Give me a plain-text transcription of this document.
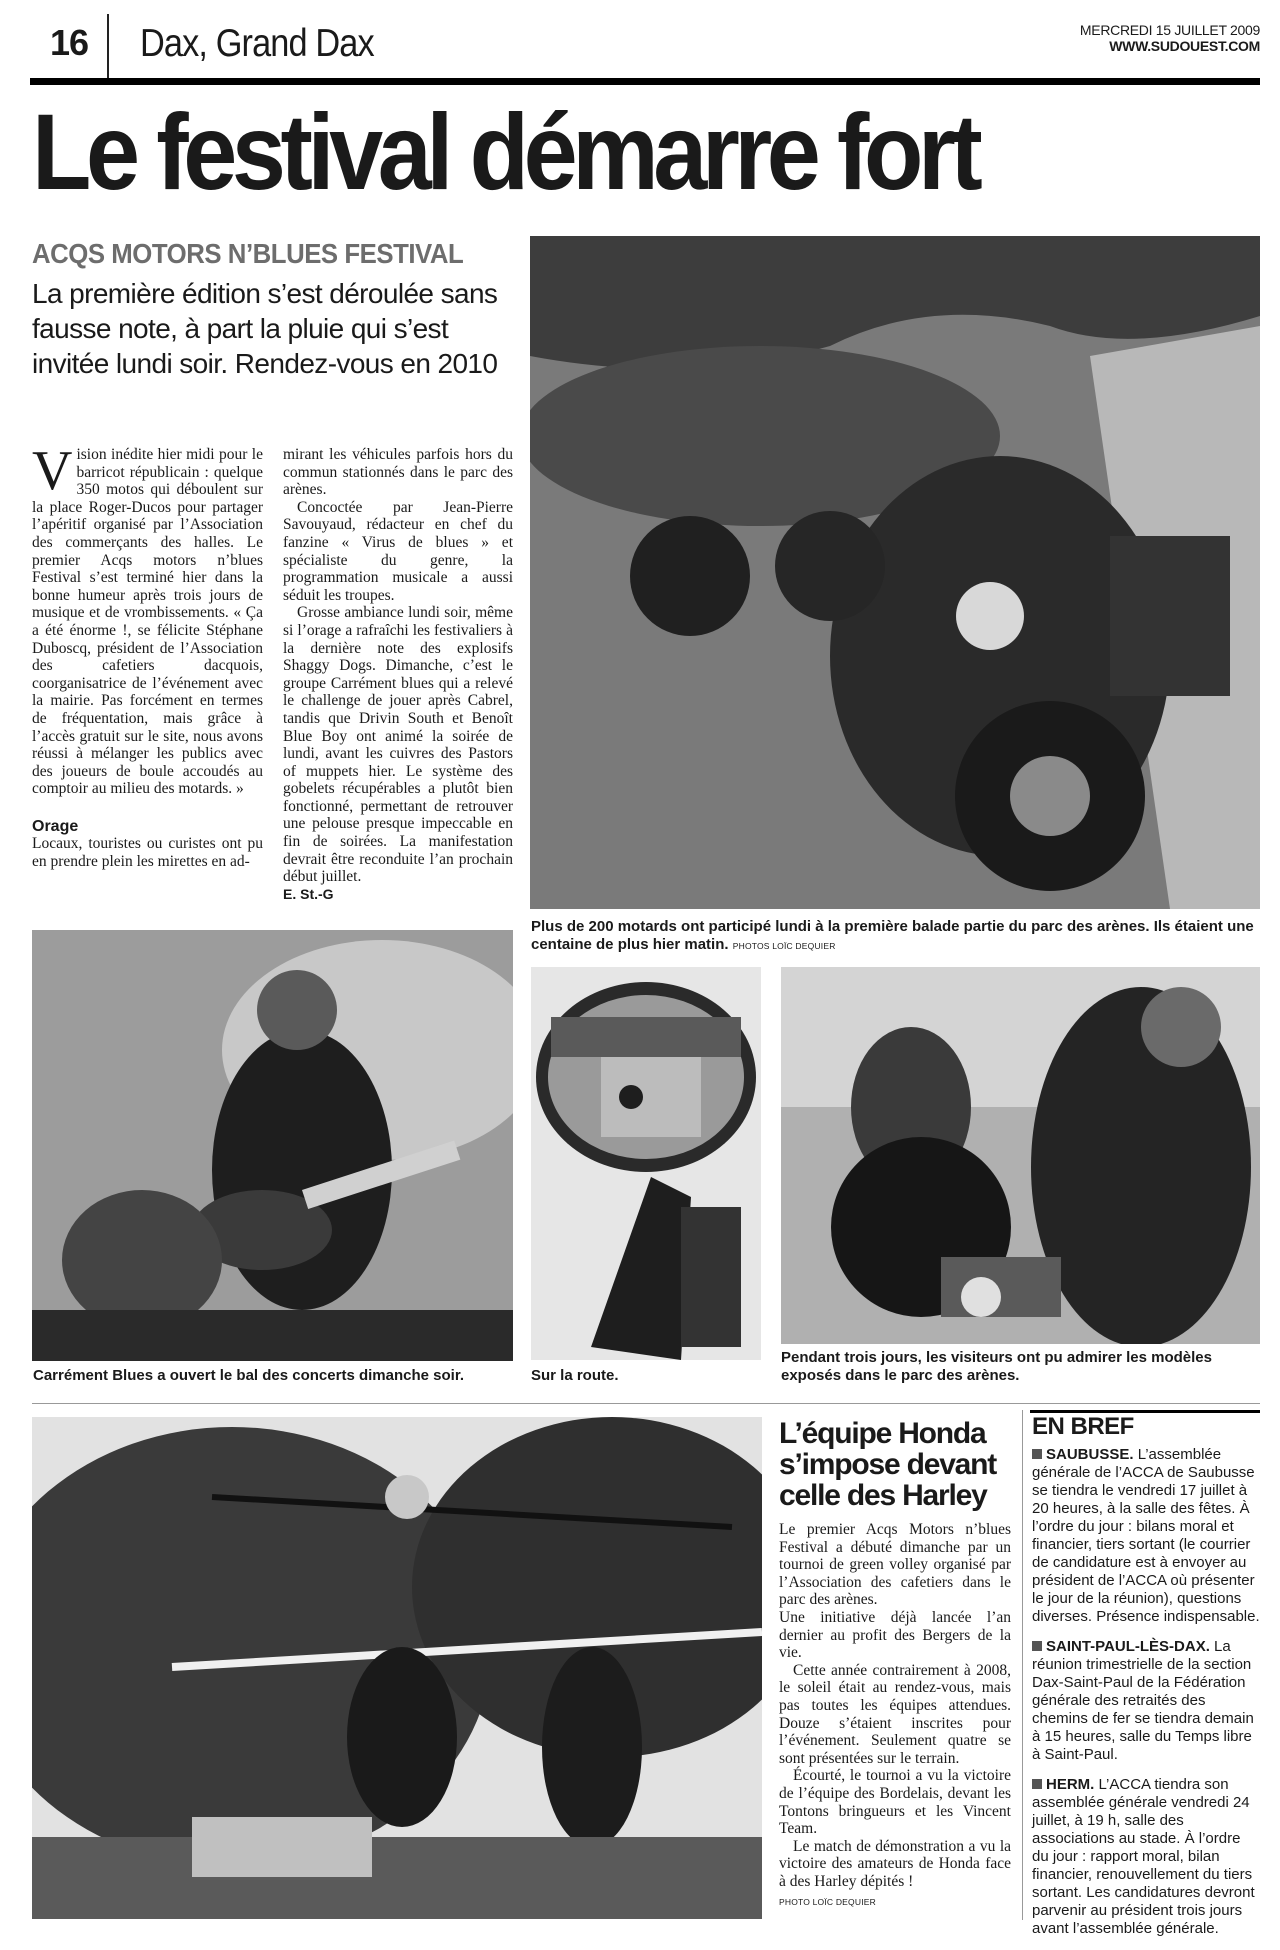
16 Dax, Grand Dax	MERCREDI 15 JUILLET 2009
WWW.SUDOUEST.COM
Le festival démarre fort
ACQS MOTORS N’BLUES FESTIVAL
La première édition s’est déroulée sans fausse note, à part la pluie qui s’est invitée lundi soir. Rendez-vous en 2010

Vision inédite hier midi pour le barricot républicain : quelque 350 motos qui déboulent sur la place Roger-Ducos pour partager l’apéritif organisé par l’Association des commerçants des halles. Le premier Acqs motors n’blues Festival s’est terminé hier dans la bonne humeur après trois jours de musique et de vrombissements. « Ça a été énorme !, se félicite Stéphane Duboscq, président de l’Association des cafetiers dacquois, coorganisatrice de l’événement avec la mairie. Pas forcément en termes de fréquentation, mais grâce à l’accès gratuit sur le site, nous avons réussi à mélanger les publics avec des joueurs de boule accoudés au comptoir au milieu des motards. »

Orage

Locaux, touristes ou curistes ont pu en prendre plein les mirettes en ad-

mirant les véhicules parfois hors du commun stationnés dans le parc des arènes.

Concoctée par Jean-Pierre Savouyaud, rédacteur en chef du fanzine « Virus de blues » et spécialiste du genre, la programmation musicale a aussi séduit les troupes.

Grosse ambiance lundi soir, même si l’orage a rafraîchi les festivaliers à la dernière note des explosifs Shaggy Dogs. Dimanche, c’est le groupe Carrément blues qui a relevé le challenge de jouer après Cabrel, tandis que Drivin South et Benoît Blue Boy ont animé la soirée de lundi, avant les cuivres des Pastors of muppets hier. Le système des gobelets récupérables a plutôt bien fonctionné, permettant de retrouver une pelouse presque impeccable en fin de soirées. La manifestation devrait être reconduite l’an prochain début juillet.

E. St.-G
Plus de 200 motards ont participé lundi à la première balade partie du parc des arènes. Ils étaient une centaine de plus hier matin. PHOTOS LOÏC DEQUIER
Carrément Blues a ouvert le bal des concerts dimanche soir.	Sur la route.
Pendant trois jours, les visiteurs ont pu admirer les modèles exposés dans le parc des arènes.
L’équipe Honda s’impose devant celle des Harley

Le premier Acqs Motors n’blues Festival a débuté dimanche par un tournoi de green volley organisé par l’Association des cafetiers dans le parc des arènes.

Une initiative déjà lancée l’an dernier au profit des Bergers de la vie.

Cette année contrairement à 2008, le soleil était au rendez-vous, mais pas toutes les équipes attendues. Douze s’étaient inscrites pour l’événement. Seulement quatre se sont présentées sur le terrain.

Écourté, le tournoi a vu la victoire de l’équipe des Bordelais, devant les Tontons bringueurs et les Vincent Team.

Le match de démonstration a vu la victoire des amateurs de Honda face à des Harley dépités !

PHOTO LOÏC DEQUIER
EN BREF

SAUBUSSE. L’assemblée générale de l’ACCA de Saubusse se tiendra le vendredi 17 juillet à 20 heures, à la salle des fêtes. À l’ordre du jour : bilans moral et financier, tiers sortant (le courrier de candidature est à envoyer au président de l’ACCA où présenter le jour de la réunion), questions diverses. Présence indispensable.

SAINT-PAUL-LÈS-DAX. La réunion trimestrielle de la section Dax-Saint-Paul de la Fédération générale des retraités des chemins de fer se tiendra demain à 15 heures, salle du Temps libre à Saint-Paul.

HERM. L’ACCA tiendra son assemblée générale vendredi 24 juillet, à 19 h, salle des associations au stade. À l’ordre du jour : rapport moral, bilan financier, renouvellement du tiers sortant. Les candidatures devront parvenir au président trois jours avant l’assemblée générale.
